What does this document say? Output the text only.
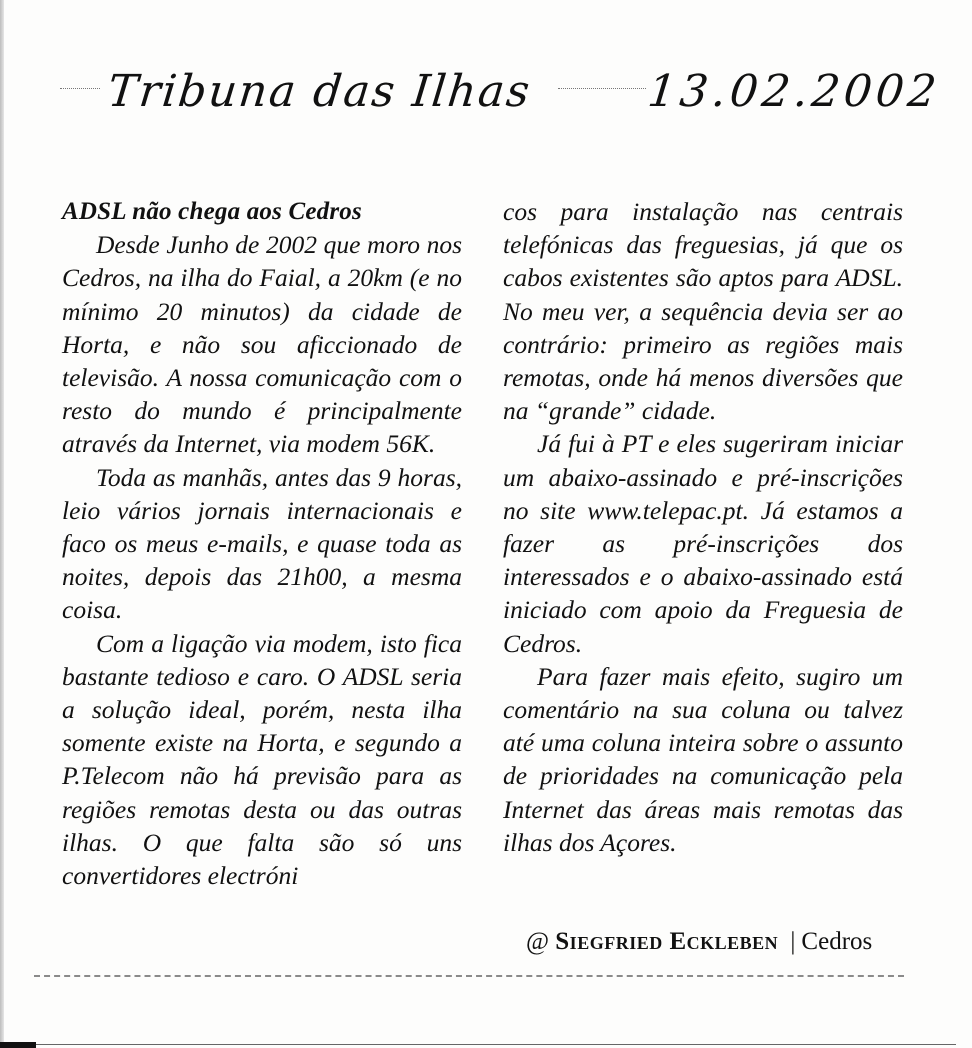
Tribuna das Ilhas	13.02.2002

ADSL não chega aos Cedros

Desde Junho de 2002 que moro nos Cedros, na ilha do Faial, a 20km (e no mínimo 20 minutos) da cidade de Horta, e não sou aficcionado de televisão. A nossa comunicação com o resto do mundo é principalmente através da Internet, via modem 56K.

Toda as manhãs, antes das 9 horas, leio vários jornais internacionais e faco os meus e-mails, e quase toda as noites, depois das 21h00, a mesma coisa.

Com a ligação via modem, isto fica bastante tedioso e caro. O ADSL seria a solução ideal, porém, nesta ilha somente existe na Horta, e segundo a P.Telecom não há previsão para as regiões remotas desta ou das outras ilhas. O que falta são só uns convertidores electróni

cos para instalação nas centrais telefónicas das freguesias, já que os cabos existentes são aptos para ADSL. No meu ver, a sequência devia ser ao contrário: primeiro as regiões mais remotas, onde há menos diversões que na “grande” cidade.

Já fui à PT e eles sugeriram iniciar um abaixo-assinado e pré-inscrições no site www.telepac.pt. Já estamos a fazer as pré-inscrições dos interessados e o abaixo-assinado está iniciado com apoio da Freguesia de Cedros.

Para fazer mais efeito, sugiro um comentário na sua coluna ou talvez até uma coluna inteira sobre o assunto de prioridades na comunicação pela Internet das áreas mais remotas das ilhas dos Açores.

@ Siegfried Eckleben | Cedros
